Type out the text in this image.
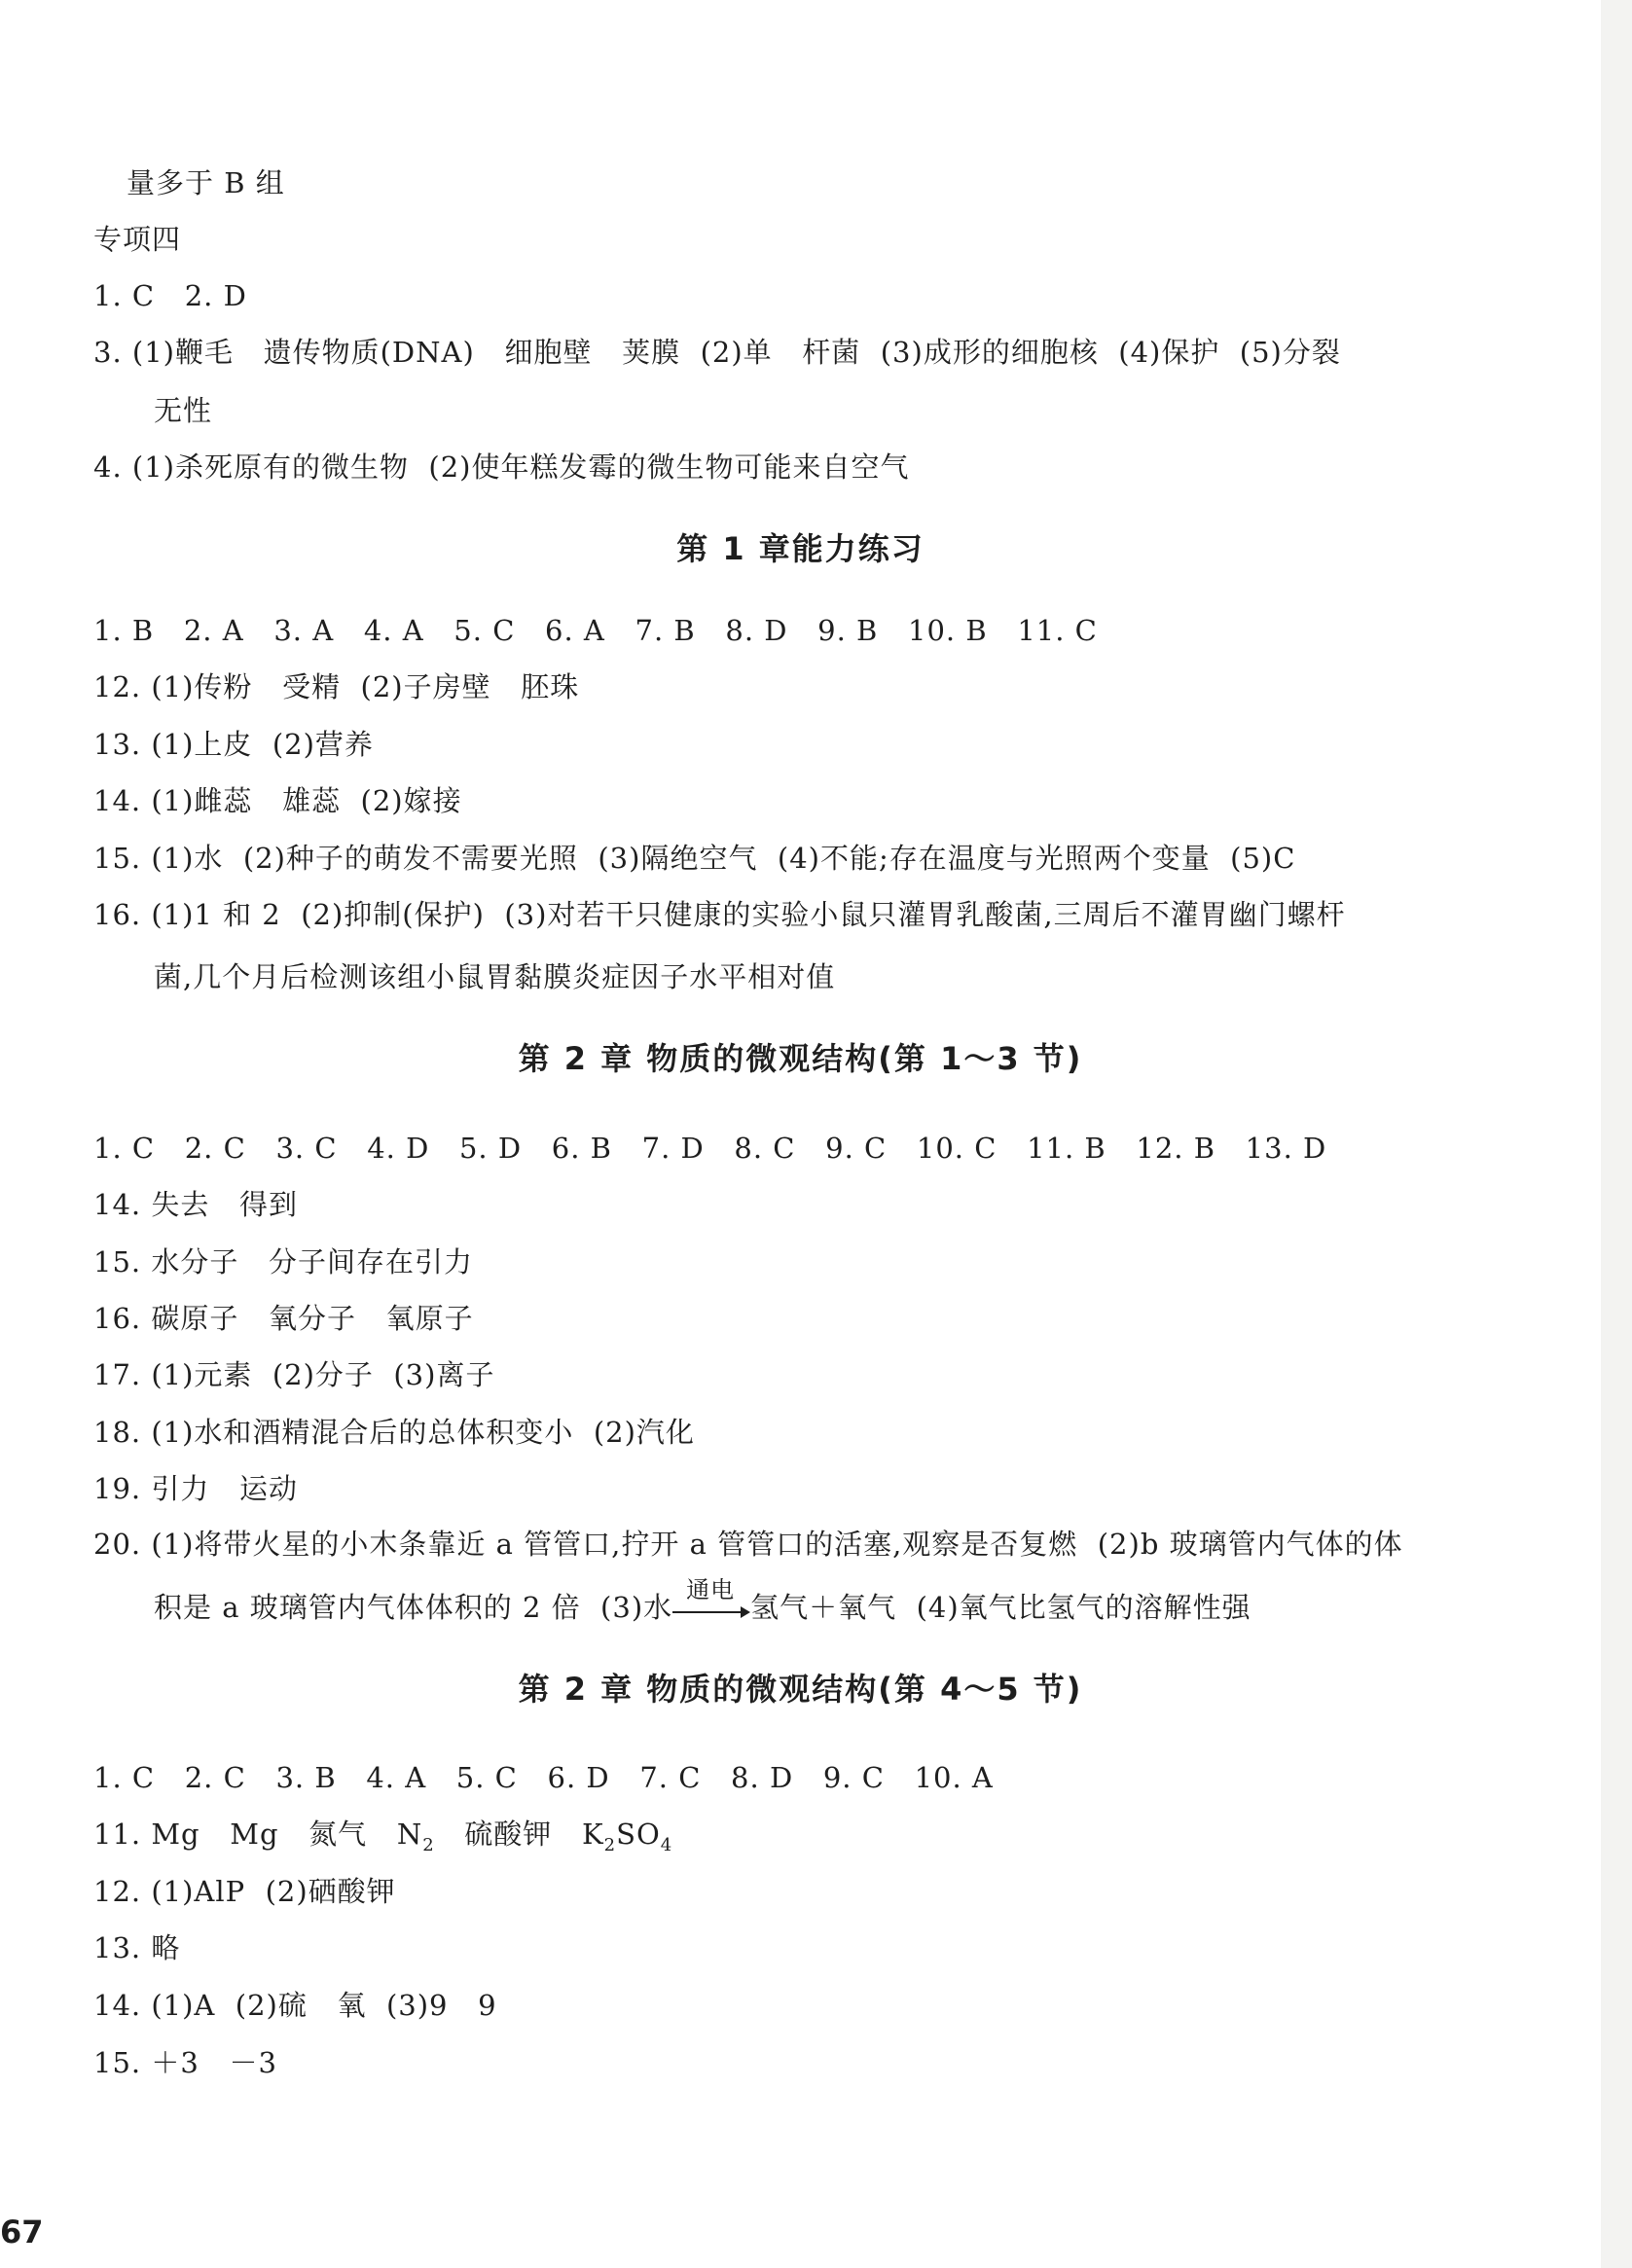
量多于 B 组
专项四
1. C   2. D
3. (1)鞭毛   遗传物质(DNA)   细胞壁   荚膜  (2)单   杆菌  (3)成形的细胞核  (4)保护  (5)分裂
无性
4. (1)杀死原有的微生物  (2)使年糕发霉的微生物可能来自空气
第 1 章能力练习
1. B   2. A   3. A   4. A   5. C   6. A   7. B   8. D   9. B   10. B   11. C
12. (1)传粉   受精  (2)子房壁   胚珠
13. (1)上皮  (2)营养
14. (1)雌蕊   雄蕊  (2)嫁接
15. (1)水  (2)种子的萌发不需要光照  (3)隔绝空气  (4)不能;存在温度与光照两个变量  (5)C
16. (1)1 和 2  (2)抑制(保护)  (3)对若干只健康的实验小鼠只灌胃乳酸菌,三周后不灌胃幽门螺杆
菌,几个月后检测该组小鼠胃黏膜炎症因子水平相对值
第 2 章 物质的微观结构(第 1～3 节)
1. C   2. C   3. C   4. D   5. D   6. B   7. D   8. C   9. C   10. C   11. B   12. B   13. D
14. 失去   得到
15. 水分子   分子间存在引力
16. 碳原子   氧分子   氧原子
17. (1)元素  (2)分子  (3)离子
18. (1)水和酒精混合后的总体积变小  (2)汽化
19. 引力   运动
20. (1)将带火星的小木条靠近 a 管管口,拧开 a 管管口的活塞,观察是否复燃  (2)b 玻璃管内气体的体
积是 a 玻璃管内气体体积的 2 倍  (3)水
通电
氢气＋氧气  (4)氧气比氢气的溶解性强
第 2 章 物质的微观结构(第 4～5 节)
1. C   2. C   3. B   4. A   5. C   6. D   7. C   8. D   9. C   10. A
11. Mg   Mg   氮气   $N_2$   硫酸钾   $K_2SO_4$
12. (1)AlP  (2)硒酸钾
13. 略
14. (1)A  (2)硫   氧  (3)9   9
15. ＋3   －3
67
